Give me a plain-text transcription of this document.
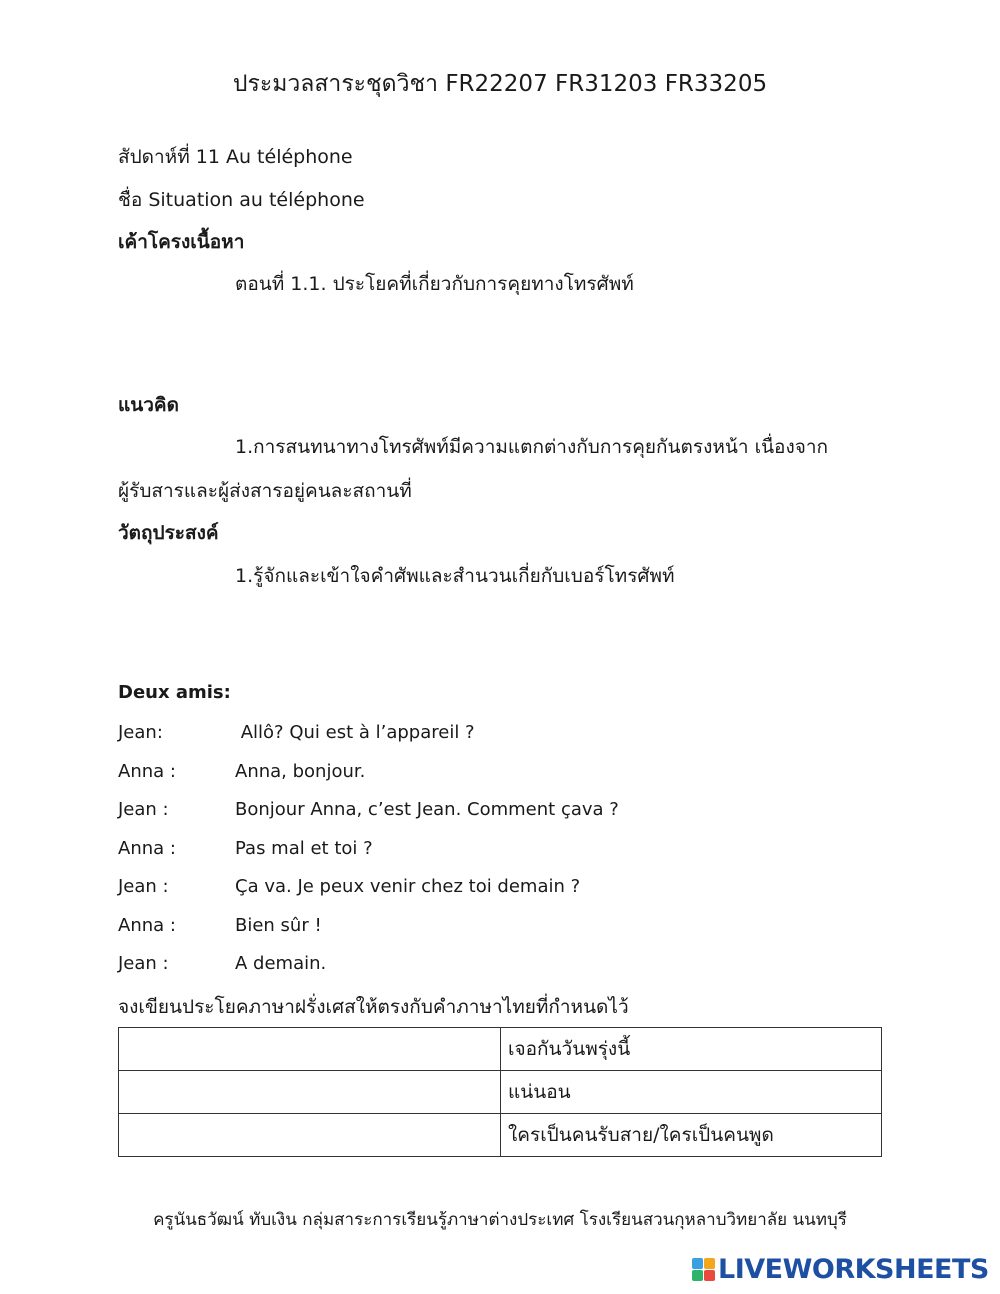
ประมวลสาระชุดวิชา FR22207 FR31203 FR33205
สัปดาห์ที่ 11 Au téléphone
ชื่อ Situation au téléphone
เค้าโครงเนื้อหา
ตอนที่ 1.1. ประโยคที่เกี่ยวกับการคุยทางโทรศัพท์
แนวคิด
1.การสนทนาทางโทรศัพท์มีความแตกต่างกับการคุยกันตรงหน้า เนื่องจาก
ผู้รับสารและผู้ส่งสารอยู่คนละสถานที่
วัตถุประสงค์
1.รู้จักและเข้าใจคำศัพและสำนวนเกี่ยกับเบอร์โทรศัพท์
Deux amis:
Jean:	Allô? Qui est à l’appareil ?
Anna :	Anna, bonjour.
Jean :	Bonjour Anna, c’est Jean. Comment çava ?
Anna :	Pas mal et toi ?
Jean :	Ça va. Je peux venir chez toi demain ?
Anna :	Bien sûr !
Jean :	A demain.
จงเขียนประโยคภาษาฝรั่งเศสให้ตรงกับคำภาษาไทยที่กำหนดไว้
	เจอกันวันพรุ่งนี้
	แน่นอน
	ใครเป็นคนรับสาย/ใครเป็นคนพูด
ครูนันธวัฒน์ ทับเงิน กลุ่มสาระการเรียนรู้ภาษาต่างประเทศ โรงเรียนสวนกุหลาบวิทยาลัย นนทบุรี
LIVEWORKSHEETS
